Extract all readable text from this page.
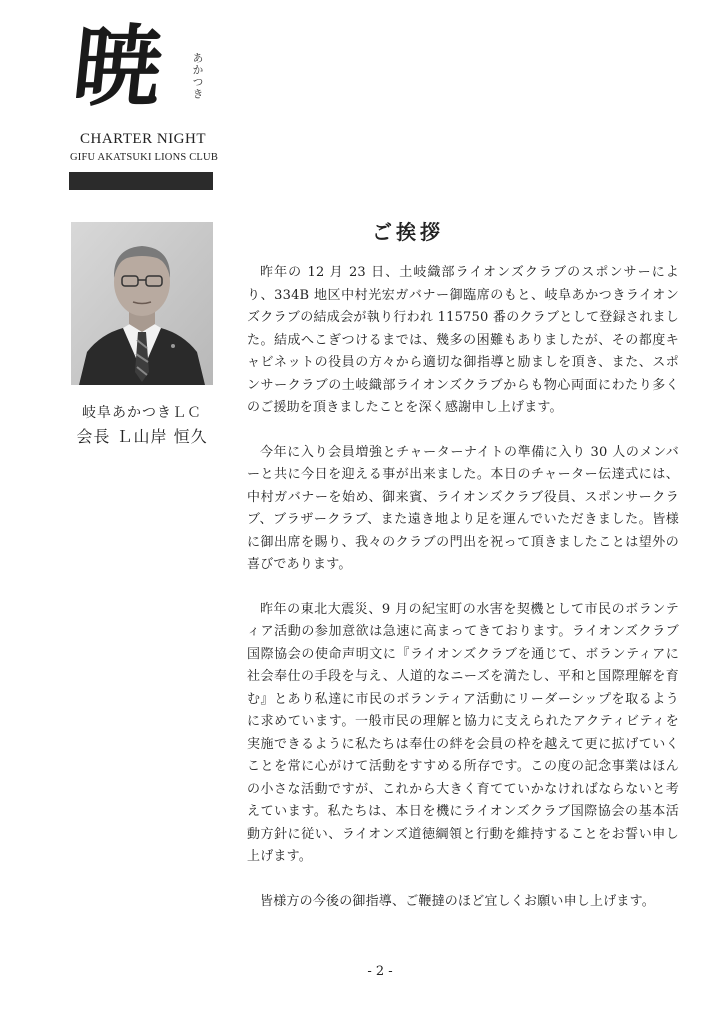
暁 あかつき
CHARTER NIGHT
GIFU AKATSUKI LIONS CLUB
岐阜あかつきＬＣ
会長 Ｌ山岸 恒久
ご挨拶

昨年の 12 月 23 日、土岐織部ライオンズクラブのスポンサーにより、334B 地区中村光宏ガバナー御臨席のもと、岐阜あかつきライオンズクラブの結成会が執り行われ 115750 番のクラブとして登録されました。結成へこぎつけるまでは、幾多の困難もありましたが、その都度キャビネットの役員の方々から適切な御指導と励ましを頂き、また、スポンサークラブの土岐織部ライオンズクラブからも物心両面にわたり多くのご援助を頂きましたことを深く感謝申し上げます。

今年に入り会員増強とチャーターナイトの準備に入り 30 人のメンバーと共に今日を迎える事が出来ました。本日のチャーター伝達式には、中村ガバナーを始め、御来賓、ライオンズクラブ役員、スポンサークラブ、ブラザークラブ、また遠き地より足を運んでいただきました。皆様に御出席を賜り、我々のクラブの門出を祝って頂きましたことは望外の喜びであります。

昨年の東北大震災、9 月の紀宝町の水害を契機として市民のボランティア活動の参加意欲は急速に高まってきております。ライオンズクラブ国際協会の使命声明文に『ライオンズクラブを通じて、ボランティアに社会奉仕の手段を与え、人道的なニーズを満たし、平和と国際理解を育む』とあり私達に市民のボランティア活動にリーダーシップを取るように求めています。一般市民の理解と協力に支えられたアクティビティを実施できるように私たちは奉仕の絆を会員の枠を越えて更に拡げていくことを常に心がけて活動をすすめる所存です。この度の記念事業はほんの小さな活動ですが、これから大きく育てていかなければならないと考えています。私たちは、本日を機にライオンズクラブ国際協会の基本活動方針に従い、ライオンズ道徳綱領と行動を維持することをお誓い申し上げます。

皆様方の今後の御指導、ご鞭撻のほど宜しくお願い申し上げます。

- 2 -
